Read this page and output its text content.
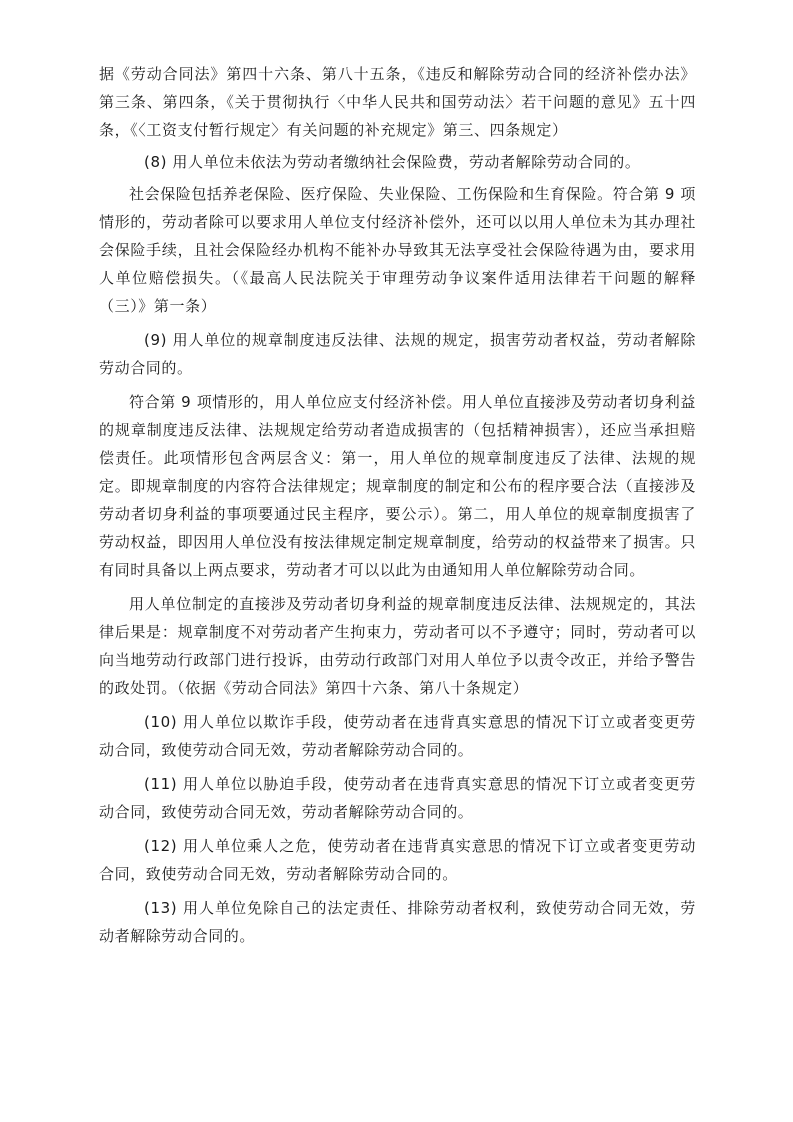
据《劳动合同法》第四十六条、第八十五条，《违反和解除劳动合同的经济补偿办法》第三条、第四条，《关于贯彻执行〈中华人民共和国劳动法〉若干问题的意见》五十四条，《〈工资支付暂行规定〉有关问题的补充规定》第三、四条规定）

(8) 用人单位未依法为劳动者缴纳社会保险费，劳动者解除劳动合同的。

社会保险包括养老保险、医疗保险、失业保险、工伤保险和生育保险。符合第 9 项情形的，劳动者除可以要求用人单位支付经济补偿外，还可以以用人单位未为其办理社会保险手续，且社会保险经办机构不能补办导致其无法享受社会保险待遇为由，要求用人单位赔偿损失。（《最高人民法院关于审理劳动争议案件适用法律若干问题的解释（三）》第一条）

(9) 用人单位的规章制度违反法律、法规的规定，损害劳动者权益，劳动者解除劳动合同的。

符合第 9 项情形的，用人单位应支付经济补偿。用人单位直接涉及劳动者切身利益的规章制度违反法律、法规规定给劳动者造成损害的（包括精神损害），还应当承担赔偿责任。此项情形包含两层含义：第一，用人单位的规章制度违反了法律、法规的规定。即规章制度的内容符合法律规定；规章制度的制定和公布的程序要合法（直接涉及劳动者切身利益的事项要通过民主程序，要公示）。第二，用人单位的规章制度损害了劳动权益，即因用人单位没有按法律规定制定规章制度，给劳动的权益带来了损害。只有同时具备以上两点要求，劳动者才可以以此为由通知用人单位解除劳动合同。

用人单位制定的直接涉及劳动者切身利益的规章制度违反法律、法规规定的，其法律后果是：规章制度不对劳动者产生拘束力，劳动者可以不予遵守；同时，劳动者可以向当地劳动行政部门进行投诉，由劳动行政部门对用人单位予以责令改正，并给予警告的政处罚。（依据《劳动合同法》第四十六条、第八十条规定）

(10) 用人单位以欺诈手段，使劳动者在违背真实意思的情况下订立或者变更劳动合同，致使劳动合同无效，劳动者解除劳动合同的。

(11) 用人单位以胁迫手段，使劳动者在违背真实意思的情况下订立或者变更劳动合同，致使劳动合同无效，劳动者解除劳动合同的。

(12) 用人单位乘人之危，使劳动者在违背真实意思的情况下订立或者变更劳动合同，致使劳动合同无效，劳动者解除劳动合同的。

(13) 用人单位免除自己的法定责任、排除劳动者权利，致使劳动合同无效，劳动者解除劳动合同的。
